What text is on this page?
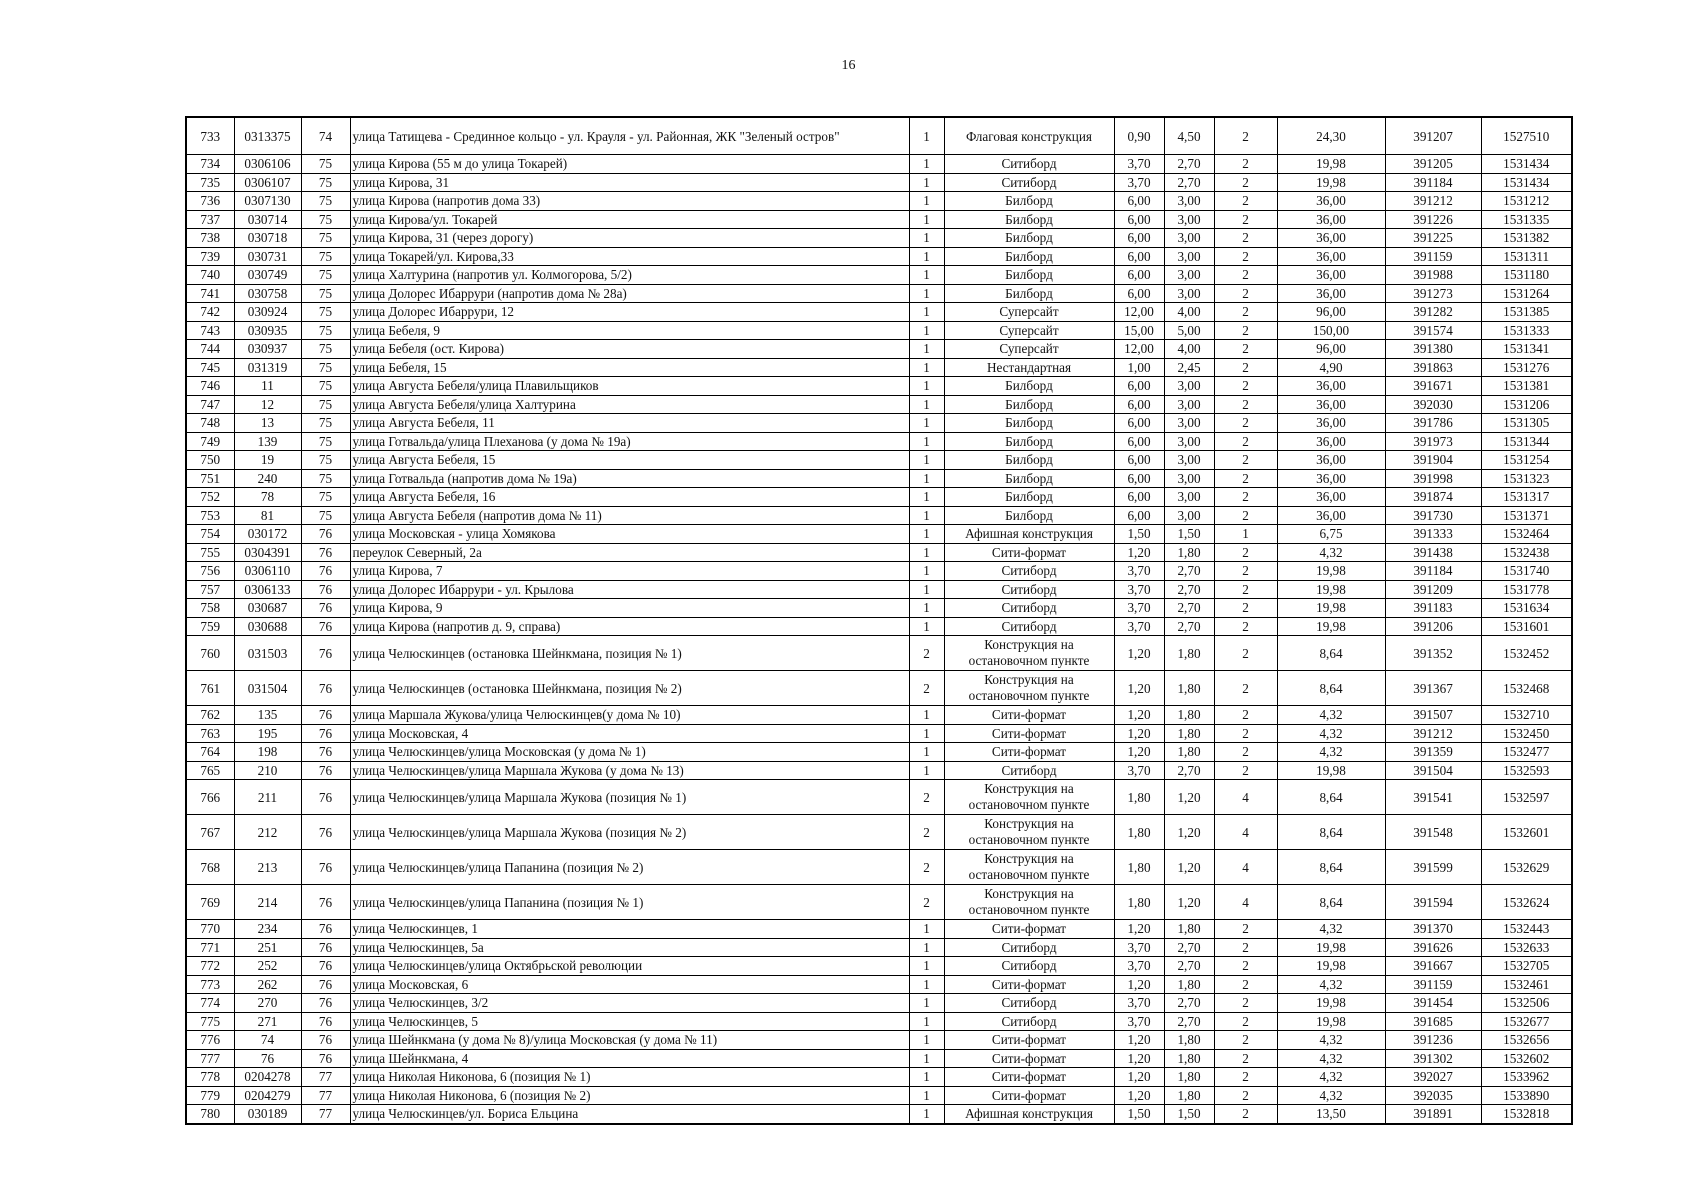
16
733	0313375	74	улица Татищева - Срединное кольцо - ул. Крауля - ул. Районная, ЖК "Зеленый остров"	1	Флаговая конструкция	0,90	4,50	2	24,30	391207	1527510
734	0306106	75	улица Кирова (55 м до улица Токарей)	1	Ситиборд	3,70	2,70	2	19,98	391205	1531434
735	0306107	75	улица Кирова, 31	1	Ситиборд	3,70	2,70	2	19,98	391184	1531434
736	0307130	75	улица Кирова (напротив дома 33)	1	Билборд	6,00	3,00	2	36,00	391212	1531212
737	030714	75	улица Кирова/ул. Токарей	1	Билборд	6,00	3,00	2	36,00	391226	1531335
738	030718	75	улица Кирова, 31 (через дорогу)	1	Билборд	6,00	3,00	2	36,00	391225	1531382
739	030731	75	улица Токарей/ул. Кирова,33	1	Билборд	6,00	3,00	2	36,00	391159	1531311
740	030749	75	улица Халтурина (напротив ул. Колмогорова, 5/2)	1	Билборд	6,00	3,00	2	36,00	391988	1531180
741	030758	75	улица Долорес Ибаррури (напротив дома № 28а)	1	Билборд	6,00	3,00	2	36,00	391273	1531264
742	030924	75	улица Долорес Ибаррури, 12	1	Суперсайт	12,00	4,00	2	96,00	391282	1531385
743	030935	75	улица Бебеля, 9	1	Суперсайт	15,00	5,00	2	150,00	391574	1531333
744	030937	75	улица Бебеля (ост. Кирова)	1	Суперсайт	12,00	4,00	2	96,00	391380	1531341
745	031319	75	улица Бебеля, 15	1	Нестандартная	1,00	2,45	2	4,90	391863	1531276
746	11	75	улица Августа Бебеля/улица Плавильщиков	1	Билборд	6,00	3,00	2	36,00	391671	1531381
747	12	75	улица Августа Бебеля/улица Халтурина	1	Билборд	6,00	3,00	2	36,00	392030	1531206
748	13	75	улица Августа Бебеля, 11	1	Билборд	6,00	3,00	2	36,00	391786	1531305
749	139	75	улица Готвальда/улица Плеханова (у дома № 19а)	1	Билборд	6,00	3,00	2	36,00	391973	1531344
750	19	75	улица Августа Бебеля, 15	1	Билборд	6,00	3,00	2	36,00	391904	1531254
751	240	75	улица Готвальда (напротив дома № 19а)	1	Билборд	6,00	3,00	2	36,00	391998	1531323
752	78	75	улица Августа Бебеля, 16	1	Билборд	6,00	3,00	2	36,00	391874	1531317
753	81	75	улица Августа Бебеля (напротив дома № 11)	1	Билборд	6,00	3,00	2	36,00	391730	1531371
754	030172	76	улица Московская - улица Хомякова	1	Афишная конструкция	1,50	1,50	1	6,75	391333	1532464
755	0304391	76	переулок Северный, 2а	1	Сити-формат	1,20	1,80	2	4,32	391438	1532438
756	0306110	76	улица Кирова, 7	1	Ситиборд	3,70	2,70	2	19,98	391184	1531740
757	0306133	76	улица Долорес Ибаррури - ул. Крылова	1	Ситиборд	3,70	2,70	2	19,98	391209	1531778
758	030687	76	улица Кирова, 9	1	Ситиборд	3,70	2,70	2	19,98	391183	1531634
759	030688	76	улица Кирова (напротив д. 9, справа)	1	Ситиборд	3,70	2,70	2	19,98	391206	1531601
760	031503	76	улица Челюскинцев (остановка Шейнкмана, позиция № 1)	2	Конструкция на остановочном пункте	1,20	1,80	2	8,64	391352	1532452
761	031504	76	улица Челюскинцев (остановка Шейнкмана, позиция № 2)	2	Конструкция на остановочном пункте	1,20	1,80	2	8,64	391367	1532468
762	135	76	улица Маршала Жукова/улица Челюскинцев(у дома № 10)	1	Сити-формат	1,20	1,80	2	4,32	391507	1532710
763	195	76	улица Московская, 4	1	Сити-формат	1,20	1,80	2	4,32	391212	1532450
764	198	76	улица Челюскинцев/улица Московская (у дома № 1)	1	Сити-формат	1,20	1,80	2	4,32	391359	1532477
765	210	76	улица Челюскинцев/улица Маршала Жукова (у дома № 13)	1	Ситиборд	3,70	2,70	2	19,98	391504	1532593
766	211	76	улица Челюскинцев/улица Маршала Жукова (позиция № 1)	2	Конструкция на остановочном пункте	1,80	1,20	4	8,64	391541	1532597
767	212	76	улица Челюскинцев/улица Маршала Жукова (позиция № 2)	2	Конструкция на остановочном пункте	1,80	1,20	4	8,64	391548	1532601
768	213	76	улица Челюскинцев/улица Папанина (позиция № 2)	2	Конструкция на остановочном пункте	1,80	1,20	4	8,64	391599	1532629
769	214	76	улица Челюскинцев/улица Папанина (позиция № 1)	2	Конструкция на остановочном пункте	1,80	1,20	4	8,64	391594	1532624
770	234	76	улица Челюскинцев, 1	1	Сити-формат	1,20	1,80	2	4,32	391370	1532443
771	251	76	улица Челюскинцев, 5а	1	Ситиборд	3,70	2,70	2	19,98	391626	1532633
772	252	76	улица Челюскинцев/улица Октябрьской революции	1	Ситиборд	3,70	2,70	2	19,98	391667	1532705
773	262	76	улица Московская, 6	1	Сити-формат	1,20	1,80	2	4,32	391159	1532461
774	270	76	улица Челюскинцев, 3/2	1	Ситиборд	3,70	2,70	2	19,98	391454	1532506
775	271	76	улица Челюскинцев, 5	1	Ситиборд	3,70	2,70	2	19,98	391685	1532677
776	74	76	улица Шейнкмана (у дома № 8)/улица Московская (у дома № 11)	1	Сити-формат	1,20	1,80	2	4,32	391236	1532656
777	76	76	улица Шейнкмана, 4	1	Сити-формат	1,20	1,80	2	4,32	391302	1532602
778	0204278	77	улица Николая Никонова, 6 (позиция № 1)	1	Сити-формат	1,20	1,80	2	4,32	392027	1533962
779	0204279	77	улица Николая Никонова, 6 (позиция № 2)	1	Сити-формат	1,20	1,80	2	4,32	392035	1533890
780	030189	77	улица Челюскинцев/ул. Бориса Ельцина	1	Афишная конструкция	1,50	1,50	2	13,50	391891	1532818
